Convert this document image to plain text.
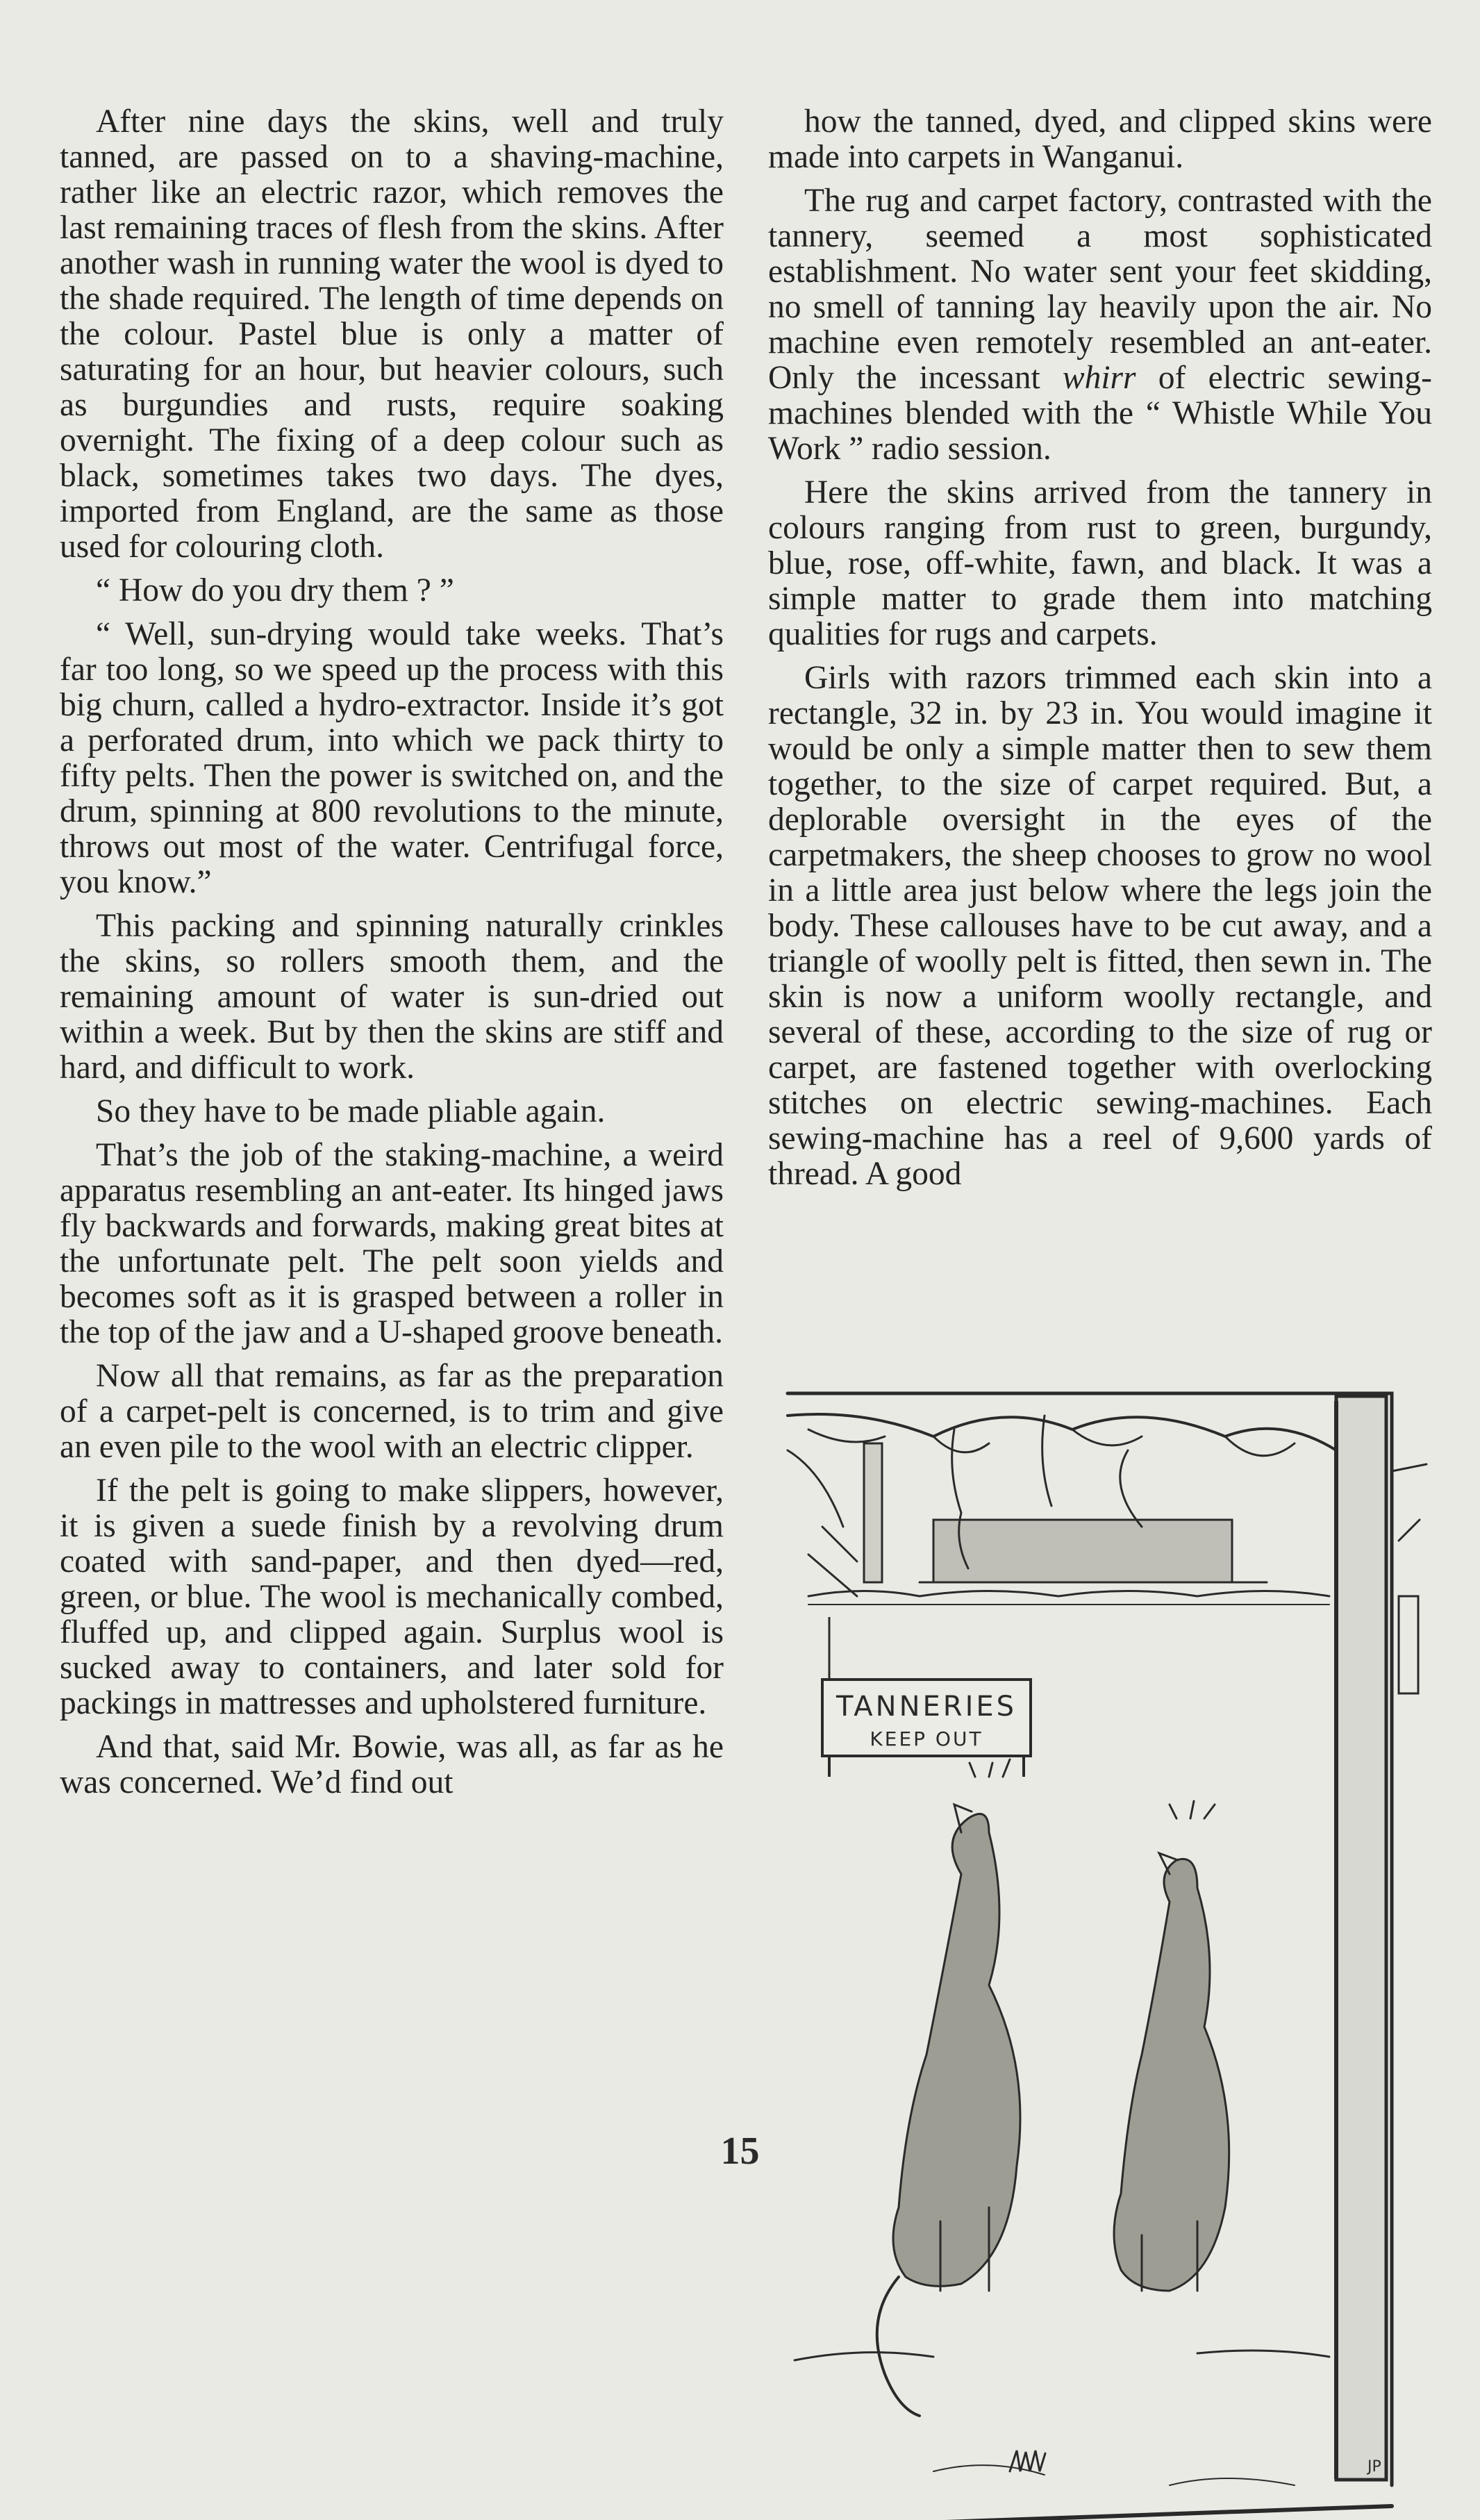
After nine days the skins, well and truly tanned, are passed on to a shaving-machine, rather like an electric razor, which removes the last remaining traces of flesh from the skins. After another wash in running water the wool is dyed to the shade required. The length of time depends on the colour. Pastel blue is only a matter of saturating for an hour, but heavier colours, such as burgundies and rusts, require soaking overnight. The fixing of a deep colour such as black, sometimes takes two days. The dyes, imported from England, are the same as those used for colouring cloth.

“ How do you dry them ? ”

“ Well, sun-drying would take weeks. That’s far too long, so we speed up the process with this big churn, called a hydro-extractor. Inside it’s got a perforated drum, into which we pack thirty to fifty pelts. Then the power is switched on, and the drum, spinning at 800 revolutions to the minute, throws out most of the water. Centrifugal force, you know.”

This packing and spinning naturally crinkles the skins, so rollers smooth them, and the remaining amount of water is sun-dried out within a week. But by then the skins are stiff and hard, and difficult to work.

So they have to be made pliable again.

That’s the job of the staking-machine, a weird apparatus resembling an ant-eater. Its hinged jaws fly backwards and forwards, making great bites at the unfortunate pelt. The pelt soon yields and becomes soft as it is grasped between a roller in the top of the jaw and a U-shaped groove beneath.

Now all that remains, as far as the preparation of a carpet-pelt is concerned, is to trim and give an even pile to the wool with an electric clipper.

If the pelt is going to make slippers, however, it is given a suede finish by a revolving drum coated with sand-paper, and then dyed—red, green, or blue. The wool is mechanically combed, fluffed up, and clipped again. Surplus wool is sucked away to containers, and later sold for packings in mattresses and upholstered furniture.

And that, said Mr. Bowie, was all, as far as he was concerned. We’d find out

how the tanned, dyed, and clipped skins were made into carpets in Wanganui.

The rug and carpet factory, contrasted with the tannery, seemed a most sophisticated establishment. No water sent your feet skidding, no smell of tanning lay heavily upon the air. No machine even remotely resembled an ant-eater. Only the incessant whirr of electric sewing-machines blended with the “ Whistle While You Work ” radio session.

Here the skins arrived from the tannery in colours ranging from rust to green, burgundy, blue, rose, off-white, fawn, and black. It was a simple matter to grade them into matching qualities for rugs and carpets.

Girls with razors trimmed each skin into a rectangle, 32 in. by 23 in. You would imagine it would be only a simple matter then to sew them together, to the size of carpet required. But, a deplorable oversight in the eyes of the carpetmakers, the sheep chooses to grow no wool in a little area just below where the legs join the body. These callouses have to be cut away, and a triangle of woolly pelt is fitted, then sewn in. The skin is now a uniform woolly rectangle, and several of these, according to the size of rug or carpet, are fastened together with overlocking stitches on electric sewing-machines. Each sewing-machine has a reel of 9,600 yards of thread. A good

TANNERIES
KEEP OUT
JP
15
